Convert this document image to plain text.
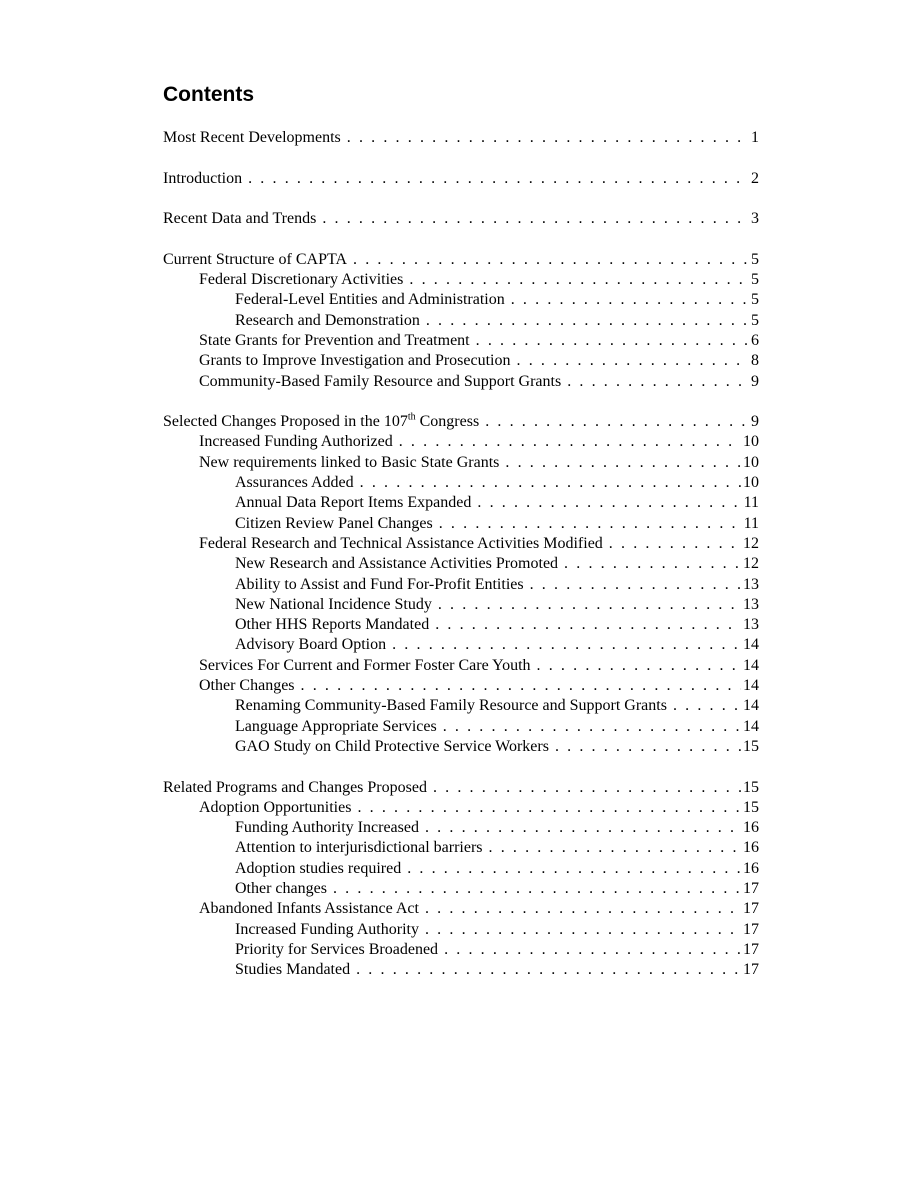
Contents
Most Recent Developments . . .	1
Introduction . . .	2
Recent Data and Trends . . .	3
Current Structure of CAPTA . . .	5
Federal Discretionary Activities . . .	5
Federal-Level Entities and Administration . . .	5
Research and Demonstration . . .	5
State Grants for Prevention and Treatment . . .	6
Grants to Improve Investigation and Prosecution . . .	8
Community-Based Family Resource and Support Grants . . .	9
Selected Changes Proposed in the 107th Congress . . .	9
Increased Funding Authorized . . .	10
New requirements linked to Basic State Grants . . .	10
Assurances Added . . .	10
Annual Data Report Items Expanded . . .	11
Citizen Review Panel Changes . . .	11
Federal Research and Technical Assistance Activities Modified . . .	12
New Research and Assistance Activities Promoted . . .	12
Ability to Assist and Fund For-Profit Entities . . .	13
New National Incidence Study . . .	13
Other HHS Reports Mandated . . .	13
Advisory Board Option . . .	14
Services For Current and Former Foster Care Youth . . .	14
Other Changes . . .	14
Renaming Community-Based Family Resource and Support Grants . . .	14
Language Appropriate Services . . .	14
GAO Study on Child Protective Service Workers . . .	15
Related Programs and Changes Proposed . . .	15
Adoption Opportunities . . .	15
Funding Authority Increased . . .	16
Attention to interjurisdictional barriers . . .	16
Adoption studies required . . .	16
Other changes . . .	17
Abandoned Infants Assistance Act . . .	17
Increased Funding Authority . . .	17
Priority for Services Broadened . . .	17
Studies Mandated . . .	17
